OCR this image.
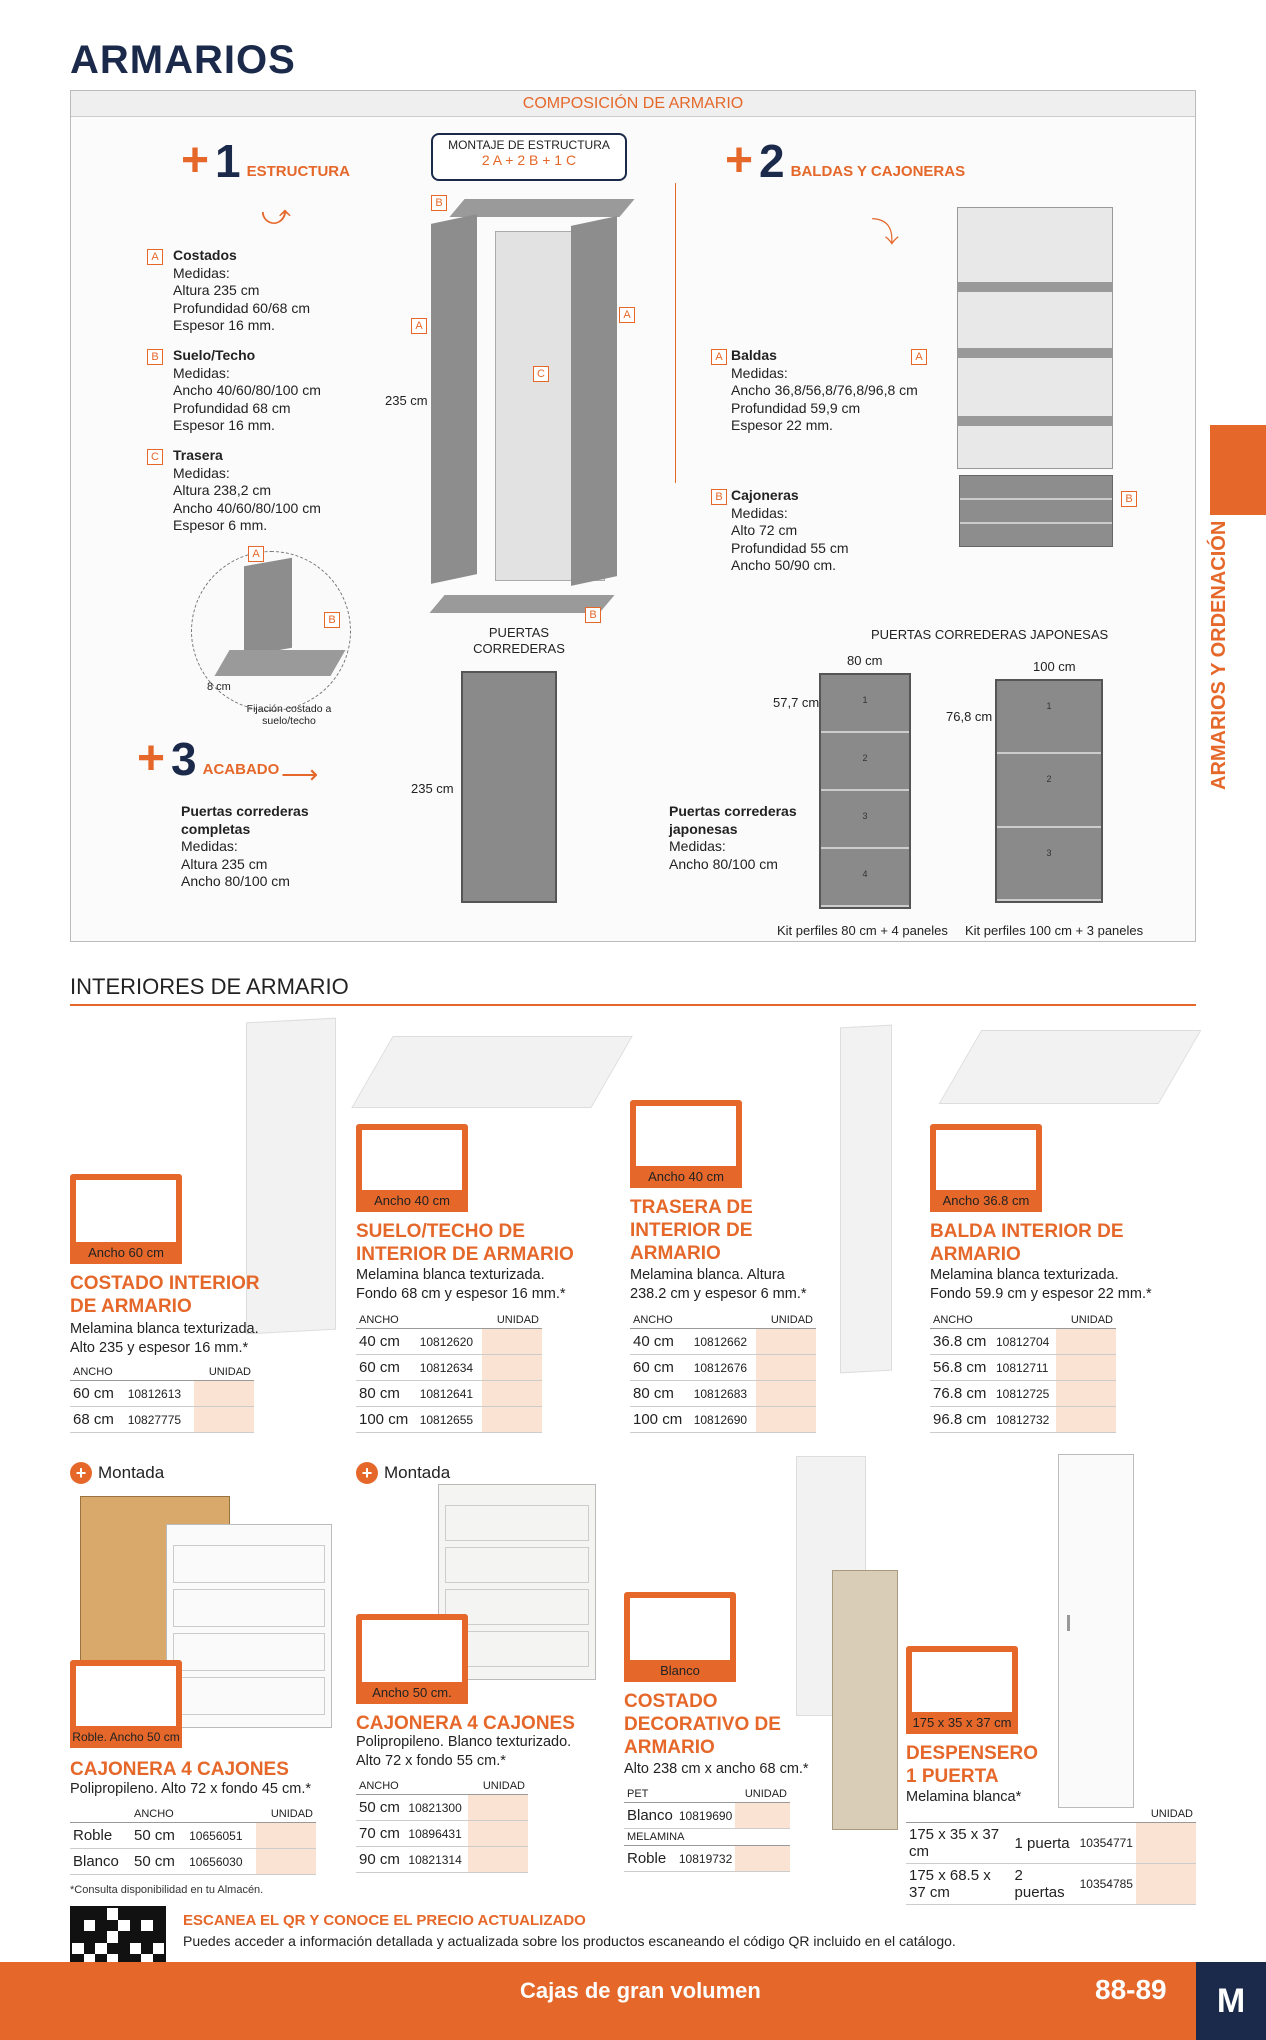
ARMARIOS
COMPOSICIÓN DE ARMARIO
+ 1 ESTRUCTURA
⤻
MONTAJE DE ESTRUCTURA
2 A + 2 B + 1 C
A	Costados
Medidas:
Altura 235 cm
Profundidad 60/68 cm
Espesor 16 mm.
B	Suelo/Techo
Medidas:
Ancho 40/60/80/100 cm
Profundidad 68 cm
Espesor 16 mm.
C	Trasera
Medidas:
Altura 238,2 cm
Ancho 40/60/80/100 cm
Espesor 6 mm.
A
B
8 cm
Fijación costado a suelo/techo
B
A
C
A
B
235 cm
+ 2 BALDAS Y CAJONERAS
⤵
A Baldas
Medidas:
Ancho 36,8/56,8/76,8/96,8 cm
Profundidad 59,9 cm
Espesor 22 mm.
B Cajoneras
Medidas:
Alto 72 cm
Profundidad 55 cm
Ancho 50/90 cm.
A
B
+ 3 ACABADO ⟶
Puertas correderas completas
Medidas:
Altura 235 cm
Ancho 80/100 cm
PUERTAS CORREDERAS
235 cm
Puertas correderas japonesas
Medidas:
Ancho 80/100 cm
PUERTAS CORREDERAS JAPONESAS
80 cm
57,7 cm	1
2
3
4
100 cm
76,8 cm
1
2
3
Kit perfiles 80 cm + 4 paneles Kit perfiles 100 cm + 3 paneles
ARMARIOS Y ORDENACIÓN
INTERIORES DE ARMARIO
Ancho 60 cm
COSTADO INTERIOR
DE ARMARIO
Melamina blanca texturizada.
Alto 235 y espesor 16 mm.*
ANCHO		UNIDAD
60 cm	10812613	
68 cm	10827775	
Ancho 40 cm
SUELO/TECHO DE
INTERIOR DE ARMARIO
Melamina blanca texturizada.
Fondo 68 cm y espesor 16 mm.*
ANCHO		UNIDAD
40 cm	10812620	
60 cm	10812634	
80 cm	10812641	
100 cm	10812655	
Ancho 40 cm
TRASERA DE
INTERIOR DE
ARMARIO
Melamina blanca. Altura
238.2 cm y espesor 6 mm.*
ANCHO		UNIDAD
40 cm	10812662	
60 cm	10812676	
80 cm	10812683	
100 cm	10812690	
Ancho 36.8 cm
BALDA INTERIOR DE
ARMARIO
Melamina blanca texturizada.
Fondo 59.9 cm y espesor 22 mm.*
ANCHO		UNIDAD
36.8 cm	10812704	
56.8 cm	10812711	
76.8 cm	10812725	
96.8 cm	10812732	
+ Montada
Roble. Ancho 50 cm
CAJONERA 4 CAJONES
Polipropileno. Alto 72 x fondo 45 cm.*
	ANCHO		UNIDAD
Roble	50 cm	10656051	
Blanco	50 cm	10656030	
+ Montada
Ancho 50 cm.
CAJONERA 4 CAJONES
Polipropileno. Blanco texturizado.
Alto 72 x fondo 55 cm.*
ANCHO		UNIDAD
50 cm	10821300	
70 cm	10896431	
90 cm	10821314	
Blanco
COSTADO
DECORATIVO DE
ARMARIO
Alto 238 cm x ancho 68 cm.*
PET		UNIDAD
Blanco	10819690	
MELAMINA		
Roble	10819732	
175 x 35 x 37 cm
DESPENSERO
1 PUERTA
Melamina blanca*
			UNIDAD
175 x 35 x 37 cm	1 puerta	10354771	
175 x 68.5 x 37 cm	2 puertas	10354785	
*Consulta disponibilidad en tu Almacén.
ESCANEA EL QR Y CONOCE EL PRECIO ACTUALIZADO
Puedes acceder a información detallada y actualizada sobre los productos escaneando el código QR incluido en el catálogo.
Cajas de gran volumen	88-89	M
